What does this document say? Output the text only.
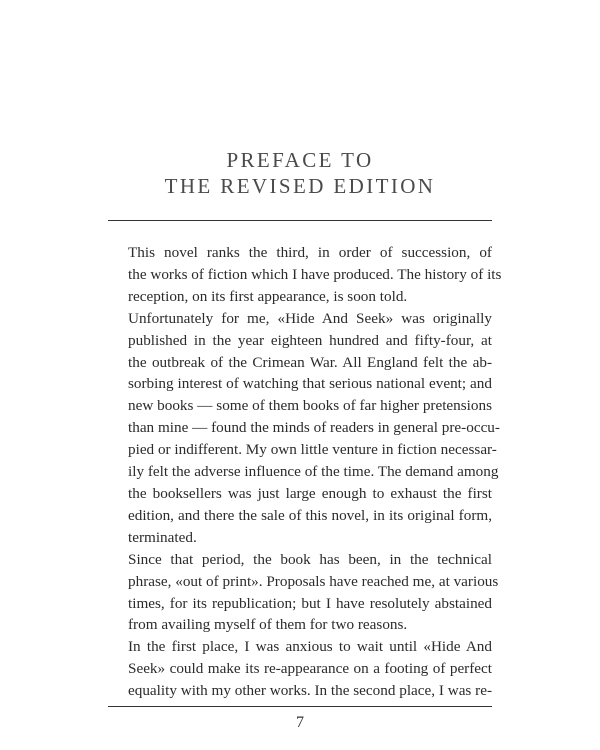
PREFACE TO
THE REVISED EDITION

This novel ranks the third, in order of succession, of
the works of fiction which I have produced. The history of its
reception, on its first appearance, is soon told.

Unfortunately for me, «Hide And Seek» was originally
published in the year eighteen hundred and fifty-four, at
the outbreak of the Crimean War. All England felt the ab-
sorbing interest of watching that serious national event; and
new books — some of them books of far higher pretensions
than mine — found the minds of readers in general pre-occu-
pied or indifferent. My own little venture in fiction necessar-
ily felt the adverse influence of the time. The demand among
the booksellers was just large enough to exhaust the first
edition, and there the sale of this novel, in its original form,
terminated.

Since that period, the book has been, in the technical
phrase, «out of print». Proposals have reached me, at various
times, for its republication; but I have resolutely abstained
from availing myself of them for two reasons.

In the first place, I was anxious to wait until «Hide And
Seek» could make its re-appearance on a footing of perfect
equality with my other works. In the second place, I was re-

7
